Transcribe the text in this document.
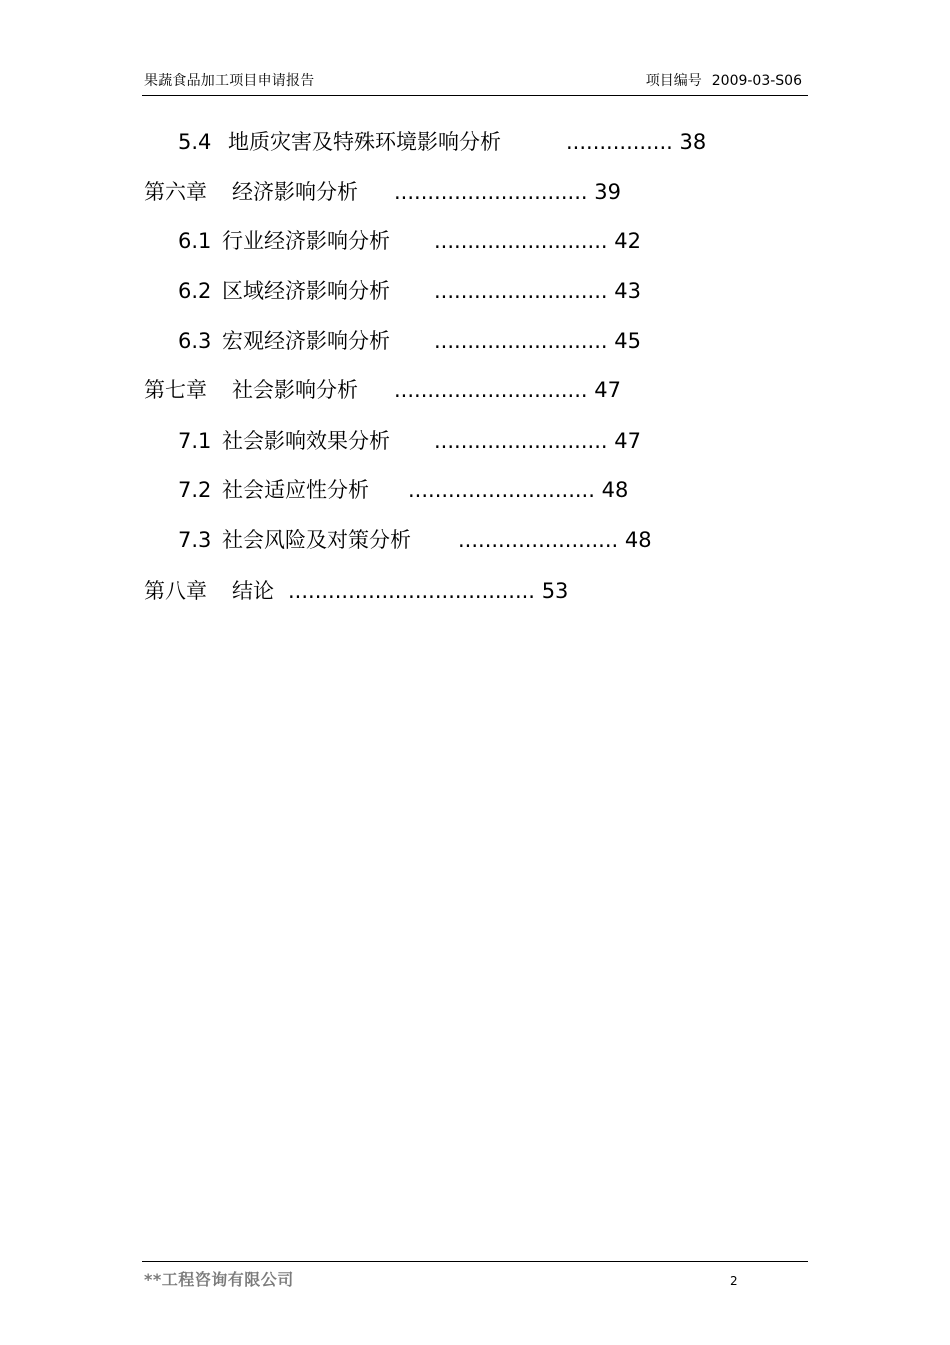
果蔬食品加工项目申请报告	项目编号 2009-03-S06
5.4 地质灾害及特殊环境影响分析	................ 38
第六章 经济影响分析 ............................. 39
6.1 行业经济影响分析 .......................... 42
6.2 区域经济影响分析 .......................... 43
6.3 宏观经济影响分析 .......................... 45
第七章 社会影响分析 ............................. 47
7.1 社会影响效果分析 .......................... 47
7.2 社会适应性分析 ............................ 48
7.3 社会风险及对策分析 ........................ 48
第八章 结论 ..................................... 53
**工程咨询有限公司	2
